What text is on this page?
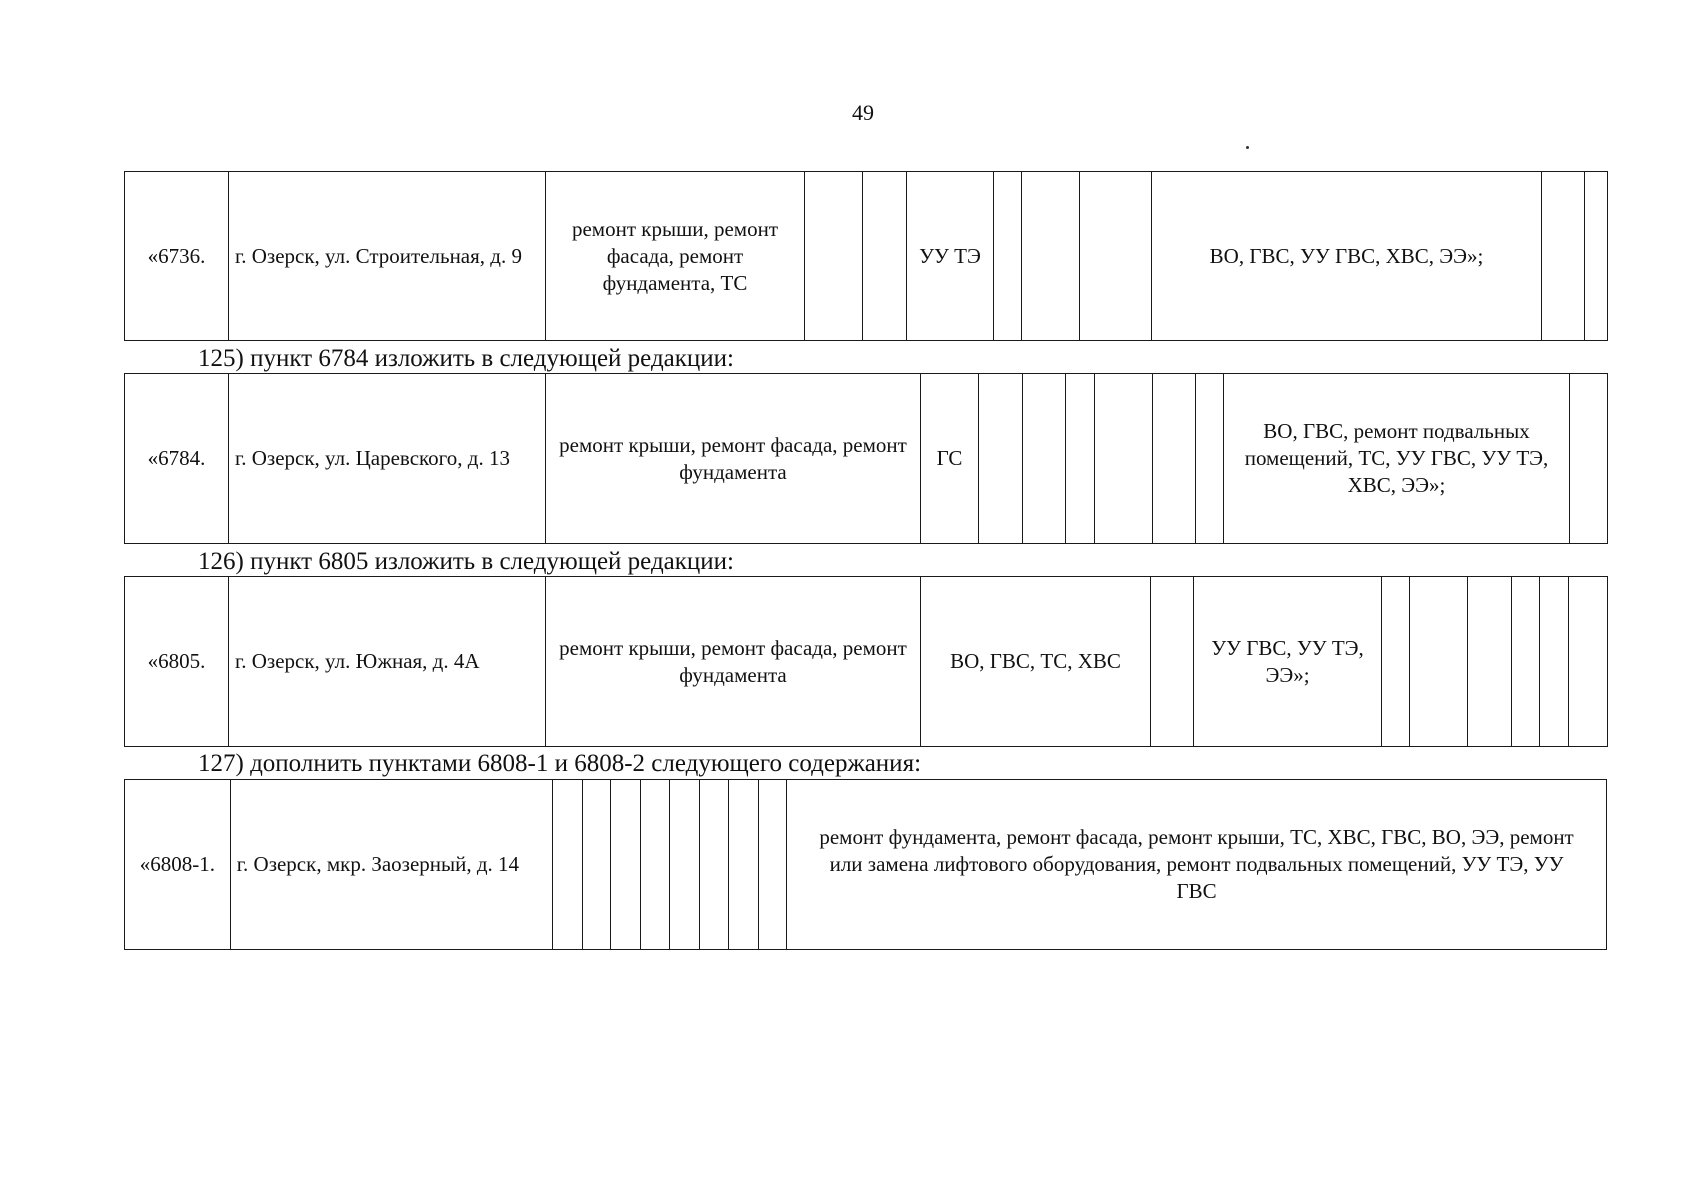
49
«6736.	г. Озерск, ул. Строительная, д. 9	ремонт крыши, ремонт фасада, ремонт фундамента, ТС			УУ ТЭ				ВО, ГВС, УУ ГВС, ХВС, ЭЭ»;		
125) пункт 6784 изложить в следующей редакции:
«6784.	г. Озерск, ул. Царевского, д. 13	ремонт крыши, ремонт фасада, ремонт фундамента	ГС							ВО, ГВС, ремонт подвальных помещений, ТС, УУ ГВС, УУ ТЭ, ХВС, ЭЭ»;	
126) пункт 6805 изложить в следующей редакции:
«6805.	г. Озерск, ул. Южная, д. 4А	ремонт крыши, ремонт фасада, ремонт фундамента	ВО, ГВС, ТС, ХВС		УУ ГВС, УУ ТЭ, ЭЭ»;						
127) дополнить пунктами 6808-1 и 6808-2 следующего содержания:
«6808-1.	г. Озерск, мкр. Заозерный, д. 14									ремонт фундамента, ремонт фасада, ремонт крыши, ТС, ХВС, ГВС, ВО, ЭЭ, ремонт или замена лифтового оборудования, ремонт подвальных помещений, УУ ТЭ, УУ ГВС
